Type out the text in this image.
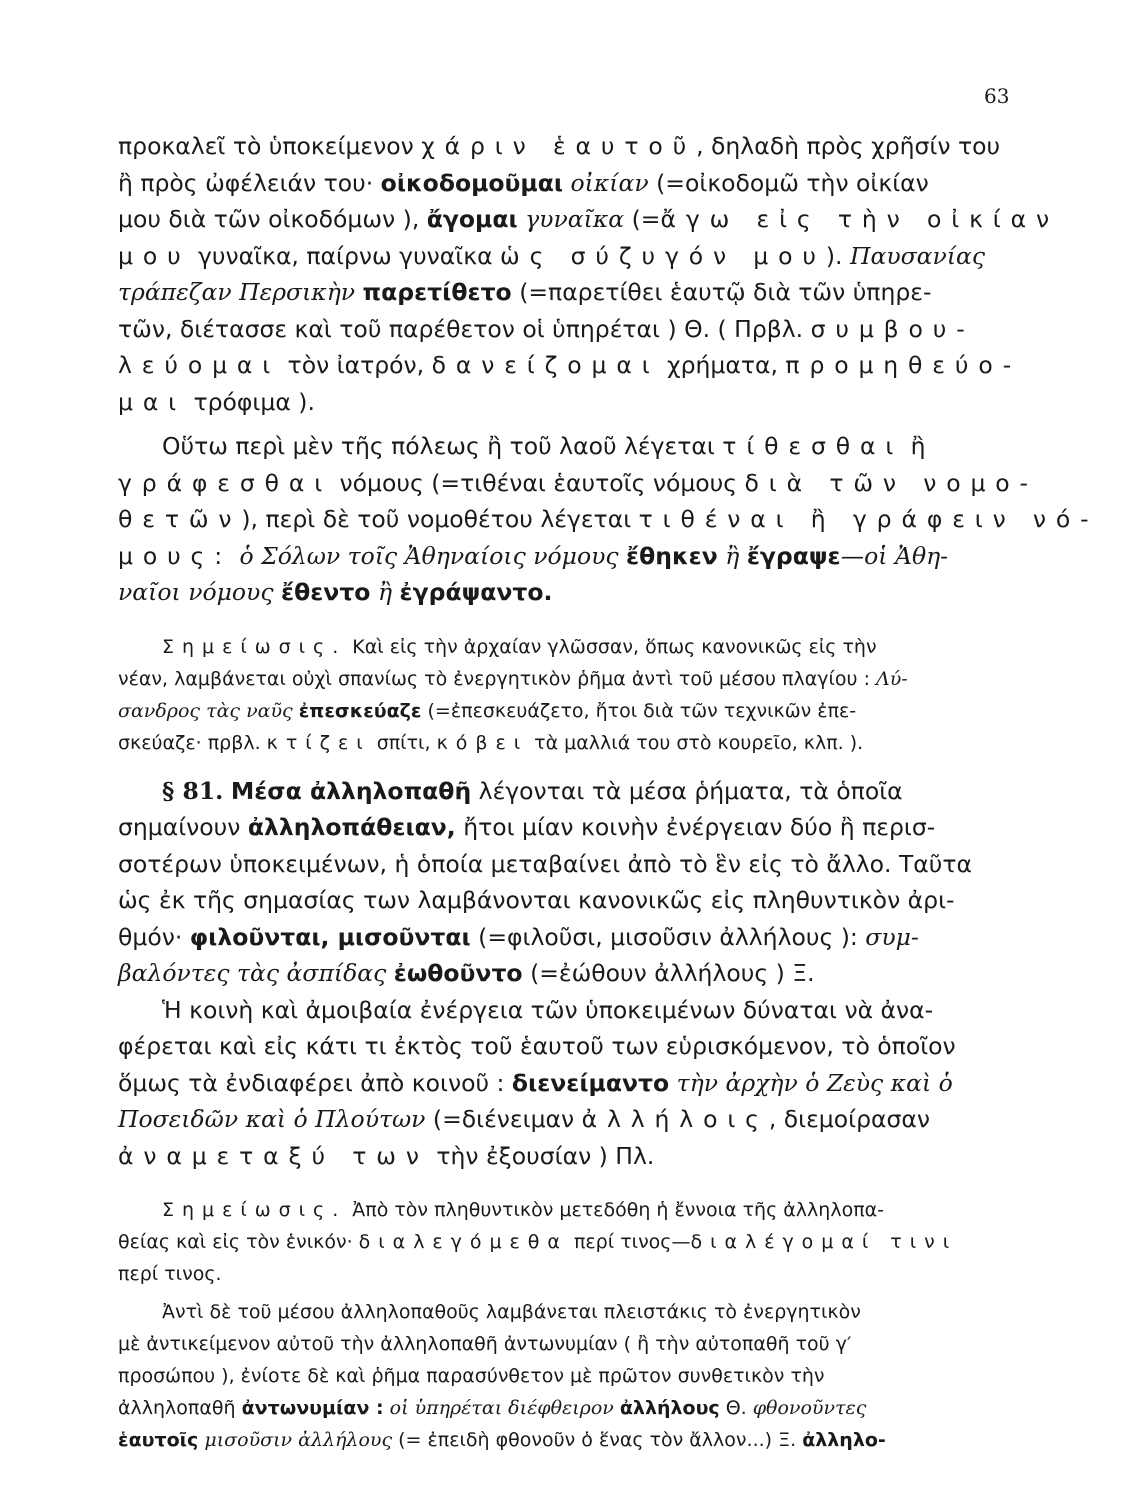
63
προκαλεῖ τὸ ὑποκείμενον χάριν ἑαυτοῦ, δηλαδὴ πρὸς χρῆσίν του
ἢ πρὸς ὠφέλειάν του· οἰκοδομοῦμαι οἰκίαν (=οἰκοδομῶ τὴν οἰκίαν
μου διὰ τῶν οἰκοδόμων ), ἄγομαι γυναῖκα (=ἄγω εἰς τὴν οἰκίαν
μου γυναῖκα, παίρνω γυναῖκα ὡς σύζυγόν μου). Παυσανίας
τράπεζαν Περσικὴν παρετίθετο (=παρετίθει ἑαυτῷ διὰ τῶν ὑπηρε-
τῶν, διέτασσε καὶ τοῦ παρέθετον οἱ ὑπηρέται ) Θ. ( Πρβλ. συμβου-
λεύομαι τὸν ἰατρόν, δανείζομαι χρήματα, προμηθεύο-
μαι τρόφιμα ).
Οὕτω περὶ μὲν τῆς πόλεως ἢ τοῦ λαοῦ λέγεται τίθεσθαι ἢ
γράφεσθαι νόμους (=τιθέναι ἑαυτοῖς νόμους διὰ τῶν νομο-
θετῶν), περὶ δὲ τοῦ νομοθέτου λέγεται τιθέναι ἢ γράφειν νό-
μους: ὁ Σόλων τοῖς Ἀθηναίοις νόμους ἔθηκεν ἢ ἔγραψε—οἱ Ἀθη-
ναῖοι νόμους ἔθεντο ἢ ἐγράψαντο.
Σημείωσις. Καὶ εἰς τὴν ἀρχαίαν γλῶσσαν, ὅπως κανονικῶς εἰς τὴν
νέαν, λαμβάνεται οὐχὶ σπανίως τὸ ἐνεργητικὸν ῥῆμα ἀντὶ τοῦ μέσου πλαγίου : Λύ-
σανδρος τὰς ναῦς ἐπεσκεύαζε (=ἐπεσκευάζετο, ἤτοι διὰ τῶν τεχνικῶν ἐπε-
σκεύαζε· πρβλ. κτίζει σπίτι, κόβει τὰ μαλλιά του στὸ κουρεῖο, κλπ. ).
§ 81. Μέσα ἀλληλοπαθῆ λέγονται τὰ μέσα ῥήματα, τὰ ὁποῖα
σημαίνουν ἀλληλοπάθειαν, ἤτοι μίαν κοινὴν ἐνέργειαν δύο ἢ περισ-
σοτέρων ὑποκειμένων, ἡ ὁποία μεταβαίνει ἀπὸ τὸ ἓν εἰς τὸ ἄλλο. Ταῦτα
ὡς ἐκ τῆς σημασίας των λαμβάνονται κανονικῶς εἰς πληθυντικὸν ἀρι-
θμόν· φιλοῦνται, μισοῦνται (=φιλοῦσι, μισοῦσιν ἀλλήλους ): συμ-
βαλόντες τὰς ἀσπίδας ἐωθοῦντο (=ἐώθουν ἀλλήλους ) Ξ.
Ἡ κοινὴ καὶ ἀμοιβαία ἐνέργεια τῶν ὑποκειμένων δύναται νὰ ἀνα-
φέρεται καὶ εἰς κάτι τι ἐκτὸς τοῦ ἑαυτοῦ των εὑρισκόμενον, τὸ ὁποῖον
ὅμως τὰ ἐνδιαφέρει ἀπὸ κοινοῦ : διενείμαντο τὴν ἀρχὴν ὁ Ζεὺς καὶ ὁ
Ποσειδῶν καὶ ὁ Πλούτων (=διένειμαν ἀλλήλοις, διεμοίρασαν
ἀναμεταξύ των τὴν ἐξουσίαν ) Πλ.
Σημείωσις. Ἀπὸ τὸν πληθυντικὸν μετεδόθη ἡ ἔννοια τῆς ἀλληλοπα-
θείας καὶ εἰς τὸν ἑνικόν· διαλεγόμεθα περί τινος—διαλέγομαί τινι
περί τινος.
Ἀντὶ δὲ τοῦ μέσου ἀλληλοπαθοῦς λαμβάνεται πλειστάκις τὸ ἐνεργητικὸν
μὲ ἀντικείμενον αὐτοῦ τὴν ἀλληλοπαθῆ ἀντωνυμίαν ( ἢ τὴν αὐτοπαθῆ τοῦ γ′
προσώπου ), ἐνίοτε δὲ καὶ ῥῆμα παρασύνθετον μὲ πρῶτον συνθετικὸν τὴν
ἀλληλοπαθῆ ἀντωνυμίαν : οἱ ὑπηρέται διέφθειρον ἀλλήλους Θ. φθονοῦντες
ἑαυτοῖς μισοῦσιν ἀλλήλους (= ἐπειδὴ φθονοῦν ὁ ἕνας τὸν ἄλλον...) Ξ. ἀλληλο-
